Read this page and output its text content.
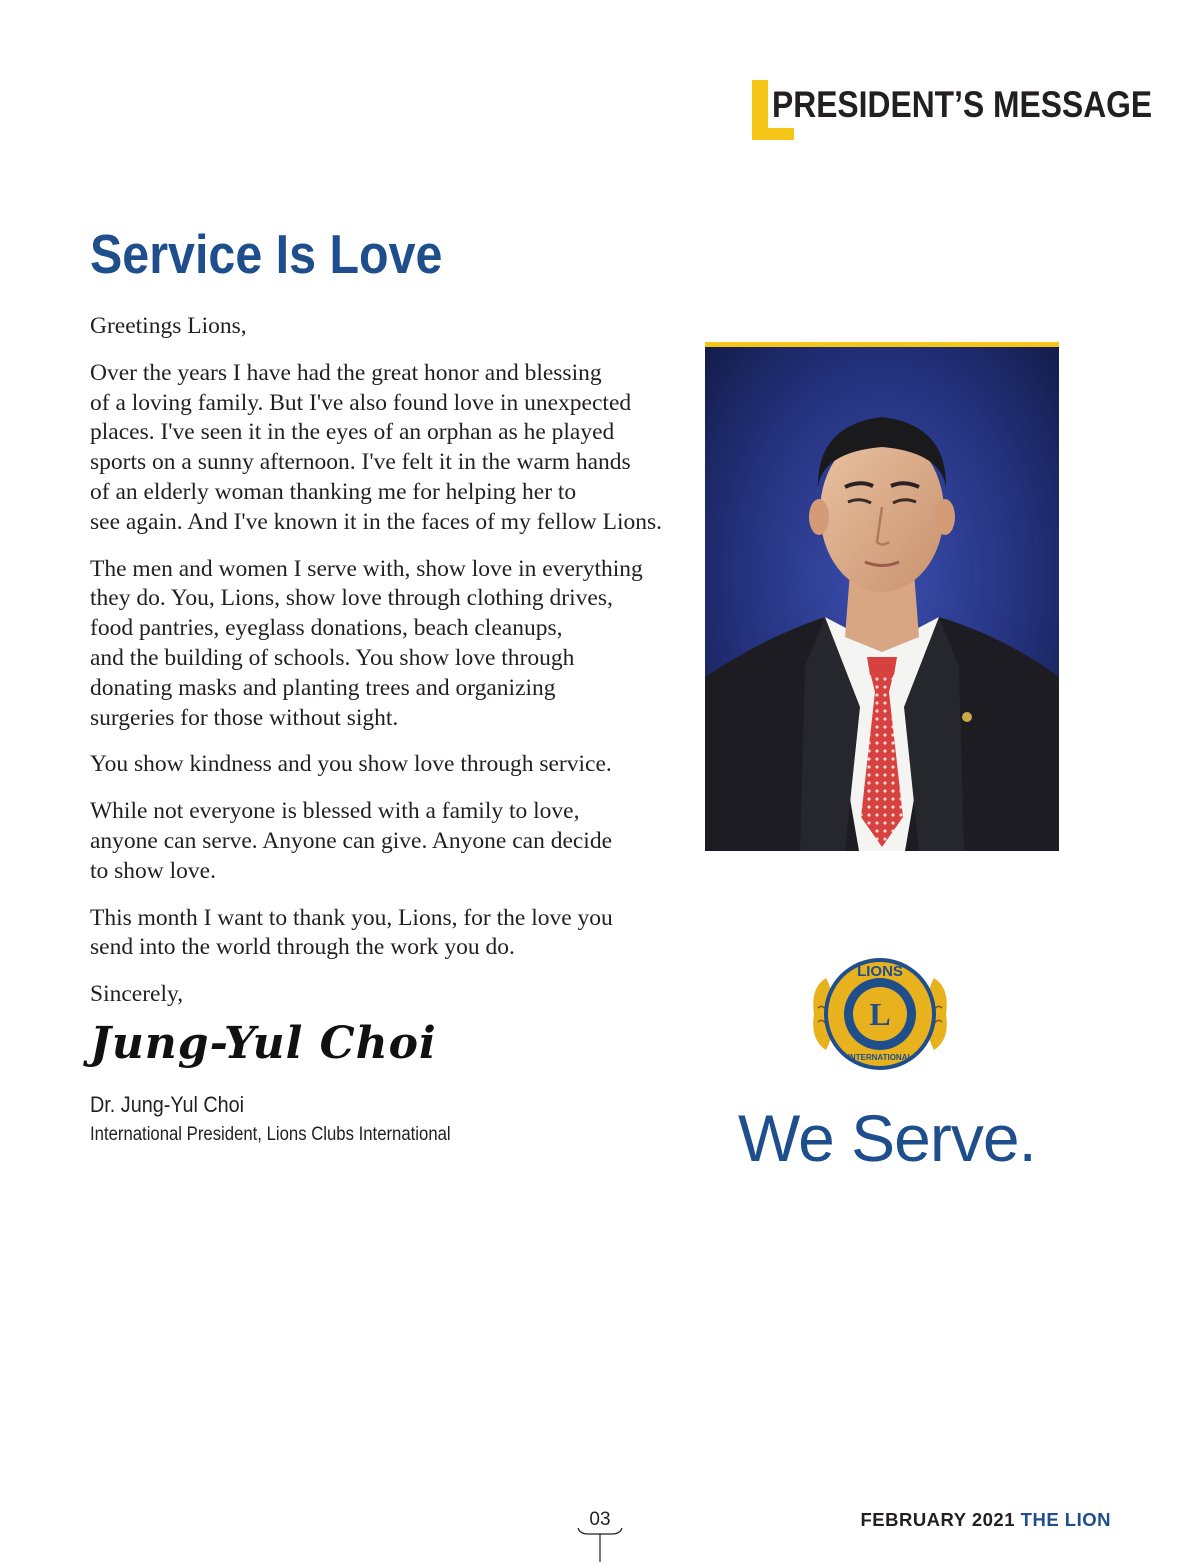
PRESIDENT’S MESSAGE
Service Is Love

Greetings Lions,

Over the years I have had the great honor and blessing
of a loving family. But I've also found love in unexpected
places. I've seen it in the eyes of an orphan as he played
sports on a sunny afternoon. I've felt it in the warm hands
of an elderly woman thanking me for helping her to
see again. And I've known it in the faces of my fellow Lions.

The men and women I serve with, show love in everything
they do. You, Lions, show love through clothing drives,
food pantries, eyeglass donations, beach cleanups,
and the building of schools. You show love through
donating masks and planting trees and organizing
surgeries for those without sight.

You show kindness and you show love through service.

While not everyone is blessed with a family to love,
anyone can serve. Anyone can give. Anyone can decide
to show love.

This month I want to thank you, Lions, for the love you
send into the world through the work you do.

Sincerely,

Jung-Yul Choi
Dr. Jung-Yul Choi
International President, Lions Clubs International
LIONS
L
INTERNATIONAL
We Serve.
03	FEBRUARY 2021 THE LION
